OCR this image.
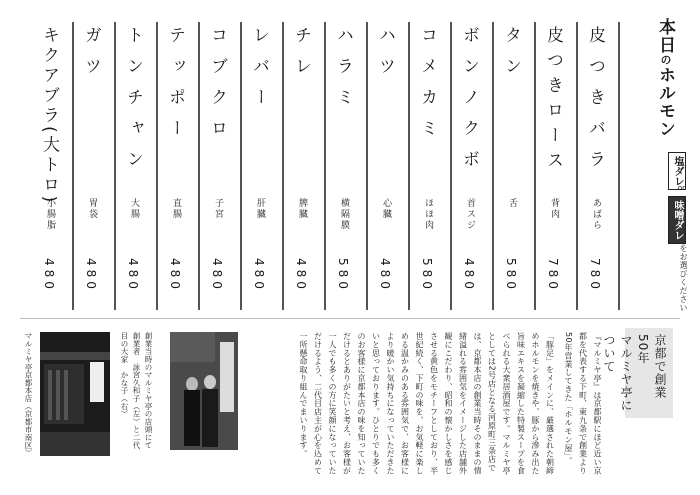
皮つきバラ
あばら
780
皮つきロース
背肉
780
タン
舌
580
ボンノクボ
首スジ
480
コメカミ
ほほ肉
580
ハツ
心臓
480
ハラミ
横隔膜
580
チレ
脾臓
480
レバー
肝臓
480
コブクロ
子宮
480
テッポー
直腸
480
トンチャン
大腸
480
ガツ
胃袋
480
キクアブラ(大トロ)
小腸脂
480
本日のホルモン
塩ダレ
or
味噌ダレ
をお選びください
京都で創業50年
マルミヤ亭について

『マルミヤ亭』は京都駅にほど近い京都を代表する下町、東九条で創業より50年営業してきた「ホルモン屋」。

「豚足」をメインに、厳選された朝締めホルモンを焼きや、豚から滲み出た旨味エキスを凝縮した特製スープを食べられる大衆居酒屋です。マルミヤ亭としては2号店となる河原町三条店では、京都本店の創業当時そのままの情緒溢れる雰囲気をイメージした店舗外観にこだわり、昭和の懐かしさを感じさせる黄色をモチーフとしており、半世紀続く、下町の味を、お気軽に楽しめる温かみのある雰囲気で、お客様により暖かい気持ちになっていただきたいと思っております。ひとりでも多くのお客様に京都本店の味を知っていただけるとありがたいと考え、お客様が一人でも多くの方に笑顔になっていただけるよう、二代目店主が心を込めて一所懸命取り組んでまいります。

創業当時のマルミヤ亭の店頭にて　創業者　詠宮久和子（左）と二代目の大家　かな子（右）
マルミヤ亭京都本店（京都市南区）
